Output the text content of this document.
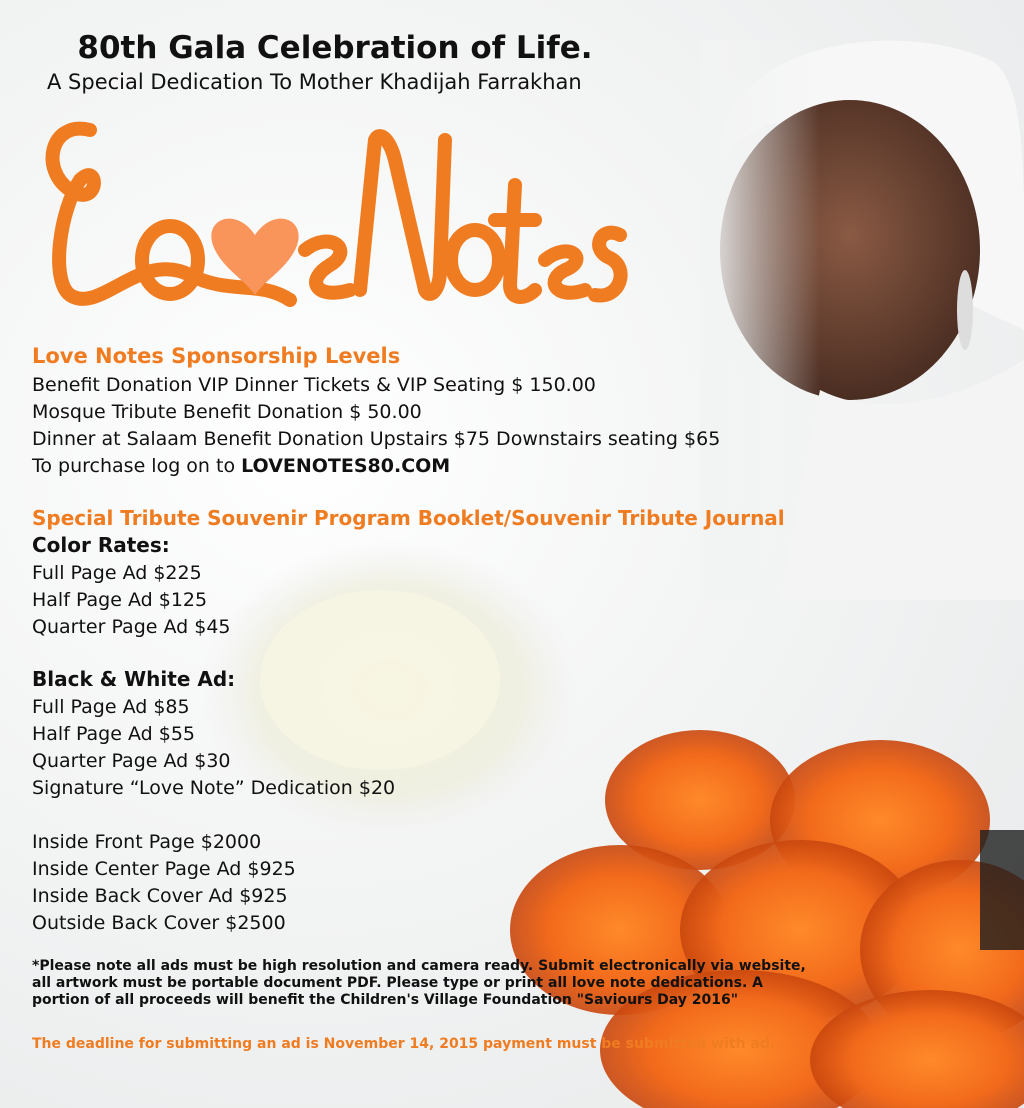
80th Gala Celebration of Life.
A Special Dedication To Mother Khadijah Farrakhan
Love Notes Sponsorship Levels
Benefit Donation VIP Dinner Tickets & VIP Seating $ 150.00
Mosque Tribute Benefit Donation $ 50.00
Dinner at Salaam Benefit Donation Upstairs $75 Downstairs seating $65
To purchase log on to LOVENOTES80.COM
Special Tribute Souvenir Program Booklet/Souvenir Tribute Journal
Color Rates:
Full Page Ad $225
Half Page Ad $125
Quarter Page Ad $45
Black & White Ad:
Full Page Ad $85
Half Page Ad $55
Quarter Page Ad $30
Signature “Love Note” Dedication $20
Inside Front Page $2000
Inside Center Page Ad $925
Inside Back Cover Ad $925
Outside Back Cover $2500
*Please note all ads must be high resolution and camera ready. Submit electronically via website, all artwork must be portable document PDF. Please type or print all love note dedications. A portion of all proceeds will benefit the Children's Village Foundation "Saviours Day 2016"
The deadline for submitting an ad is November 14, 2015 payment must be submitted with ad.
